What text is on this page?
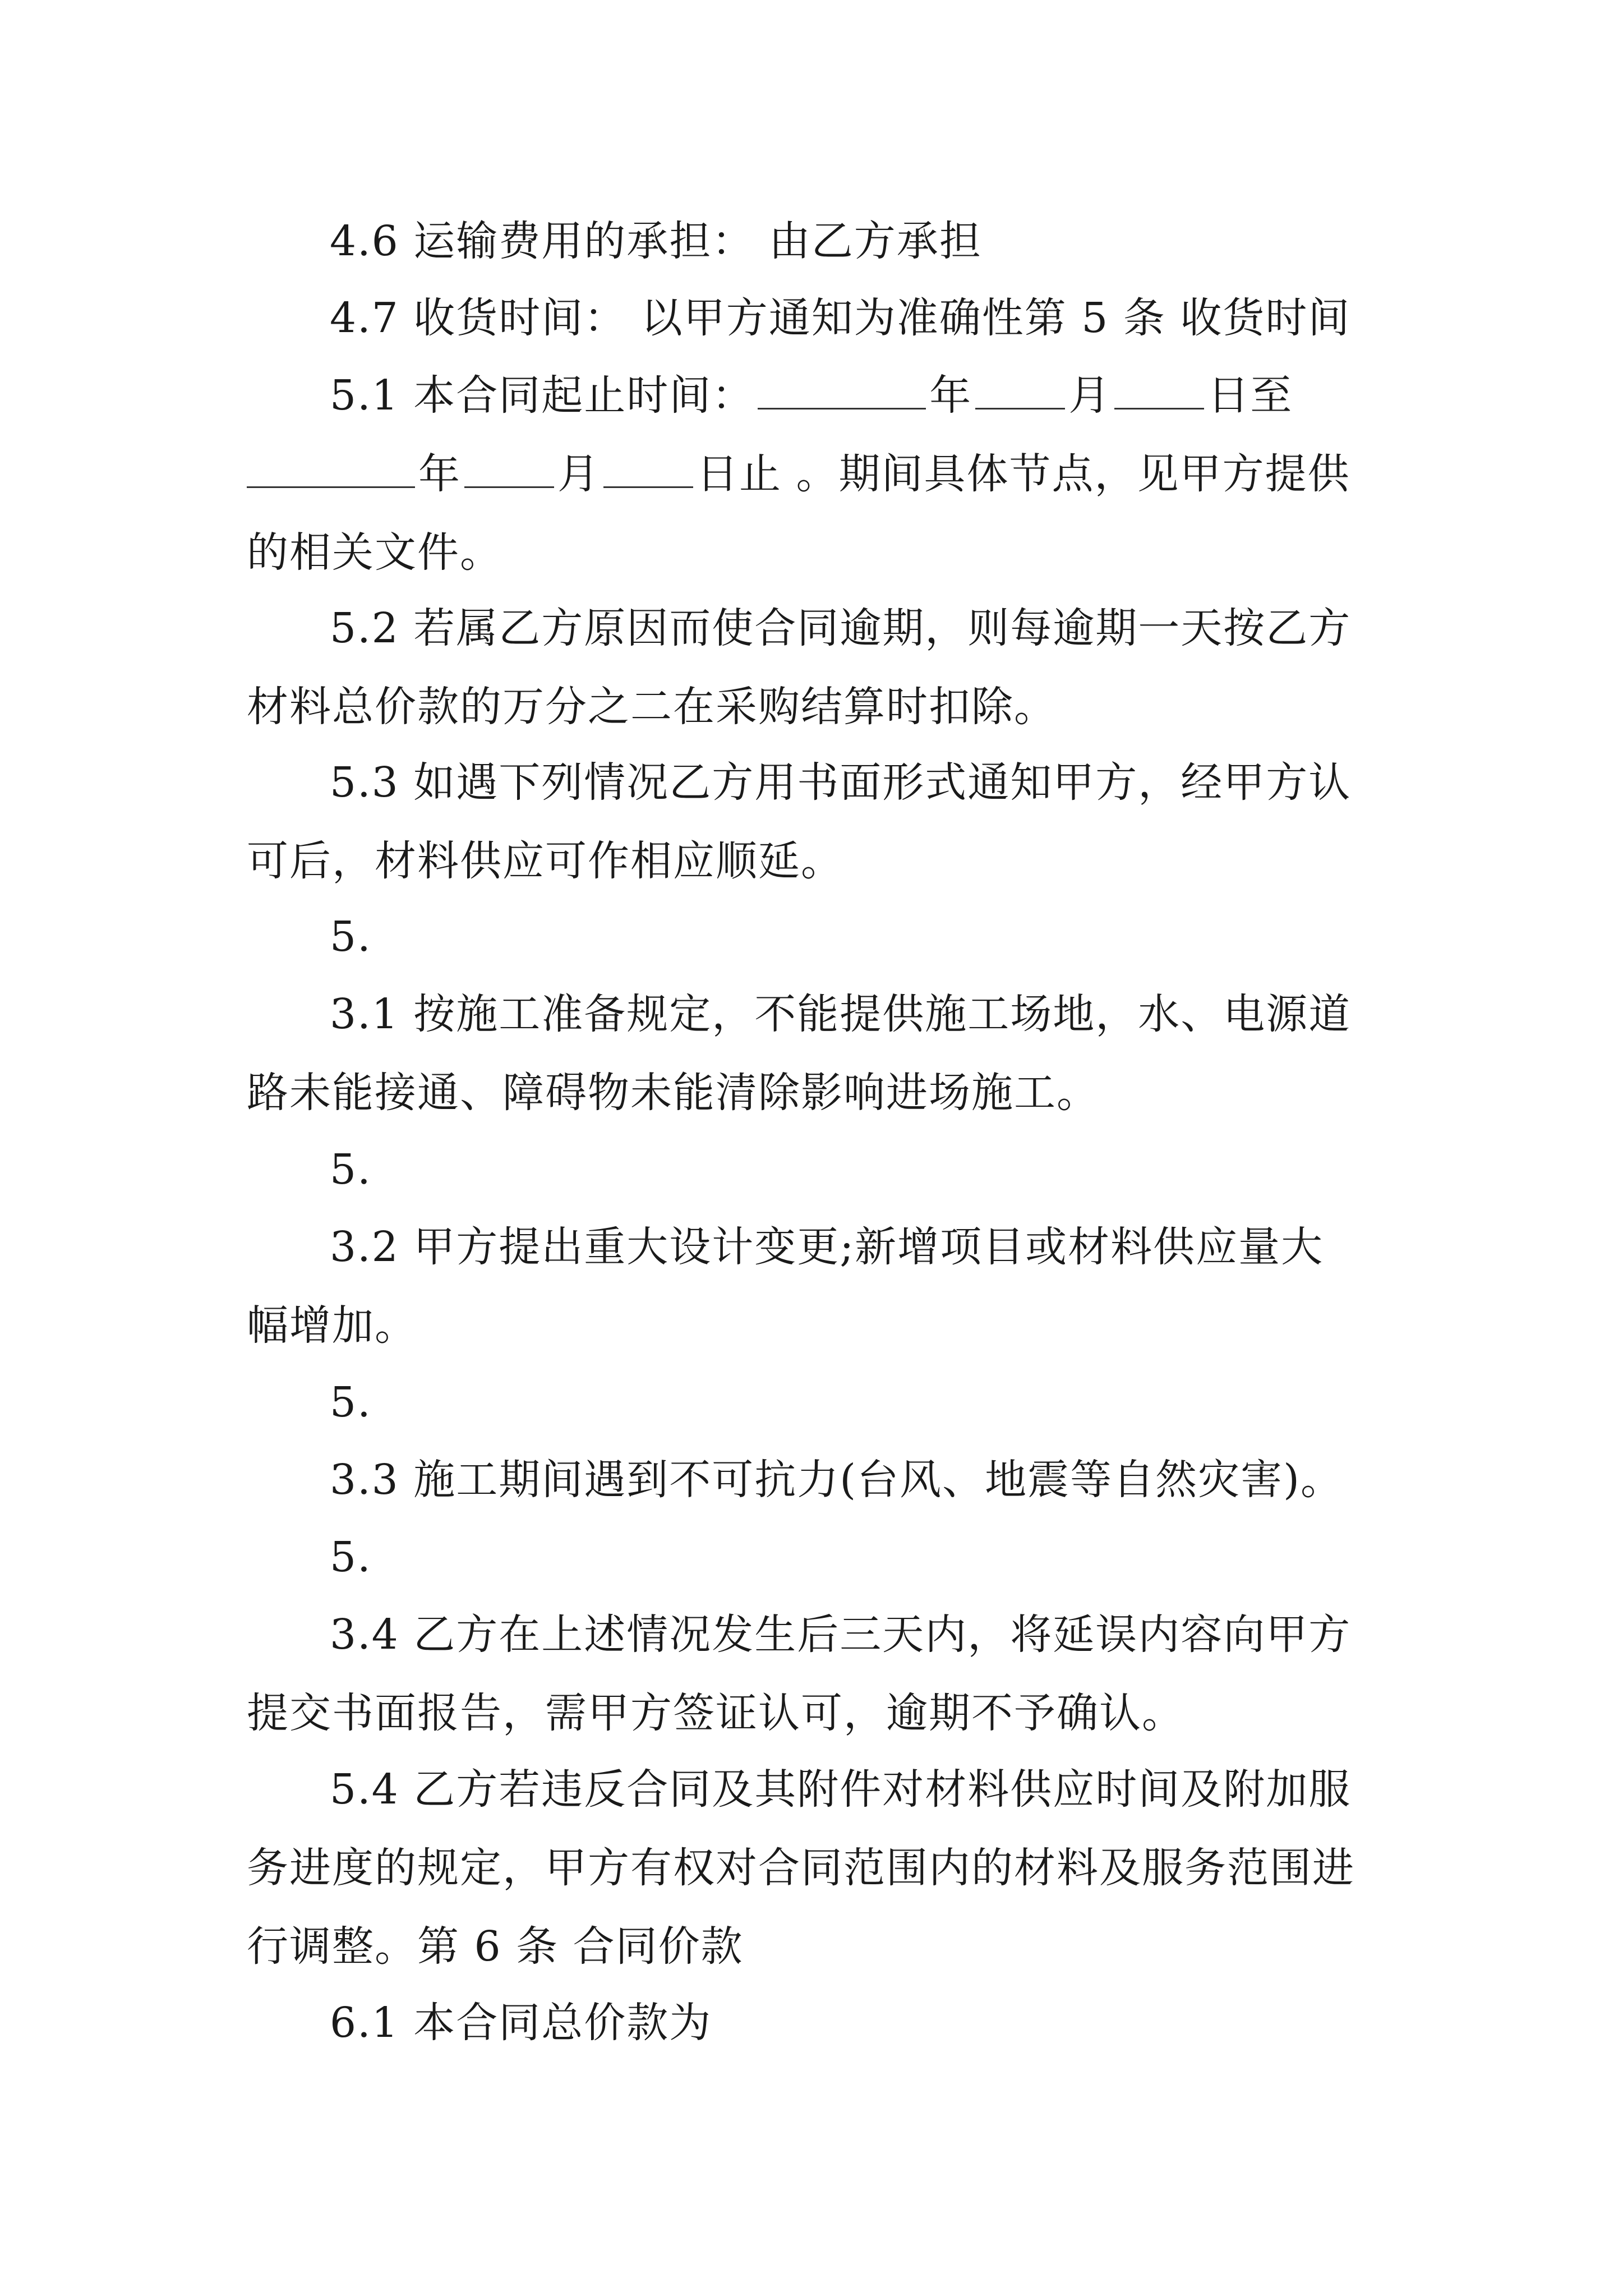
4.6 运输费用的承担： 由乙方承担

4.7 收货时间： 以甲方通知为准确性第 5 条 收货时间

5.1 本合同起止时间：	年 月 日至
年 月 日止 。期间具体节点，见甲方提供
的相关文件。

5.2 若属乙方原因而使合同逾期，则每逾期一天按乙方
材料总价款的万分之二在采购结算时扣除。

5.3 如遇下列情况乙方用书面形式通知甲方，经甲方认
可后，材料供应可作相应顺延。

5.

3.1 按施工准备规定，不能提供施工场地，水、电源道
路未能接通、障碍物未能清除影响进场施工。

5.

3.2 甲方提出重大设计变更;新增项目或材料供应量大
幅增加。

5.

3.3 施工期间遇到不可抗力(台风、地震等自然灾害)。

5.

3.4 乙方在上述情况发生后三天内，将延误内容向甲方
提交书面报告，需甲方签证认可，逾期不予确认。

5.4 乙方若违反合同及其附件对材料供应时间及附加服
务进度的规定，甲方有权对合同范围内的材料及服务范围进
行调整。第 6 条 合同价款

6.1 本合同总价款为
